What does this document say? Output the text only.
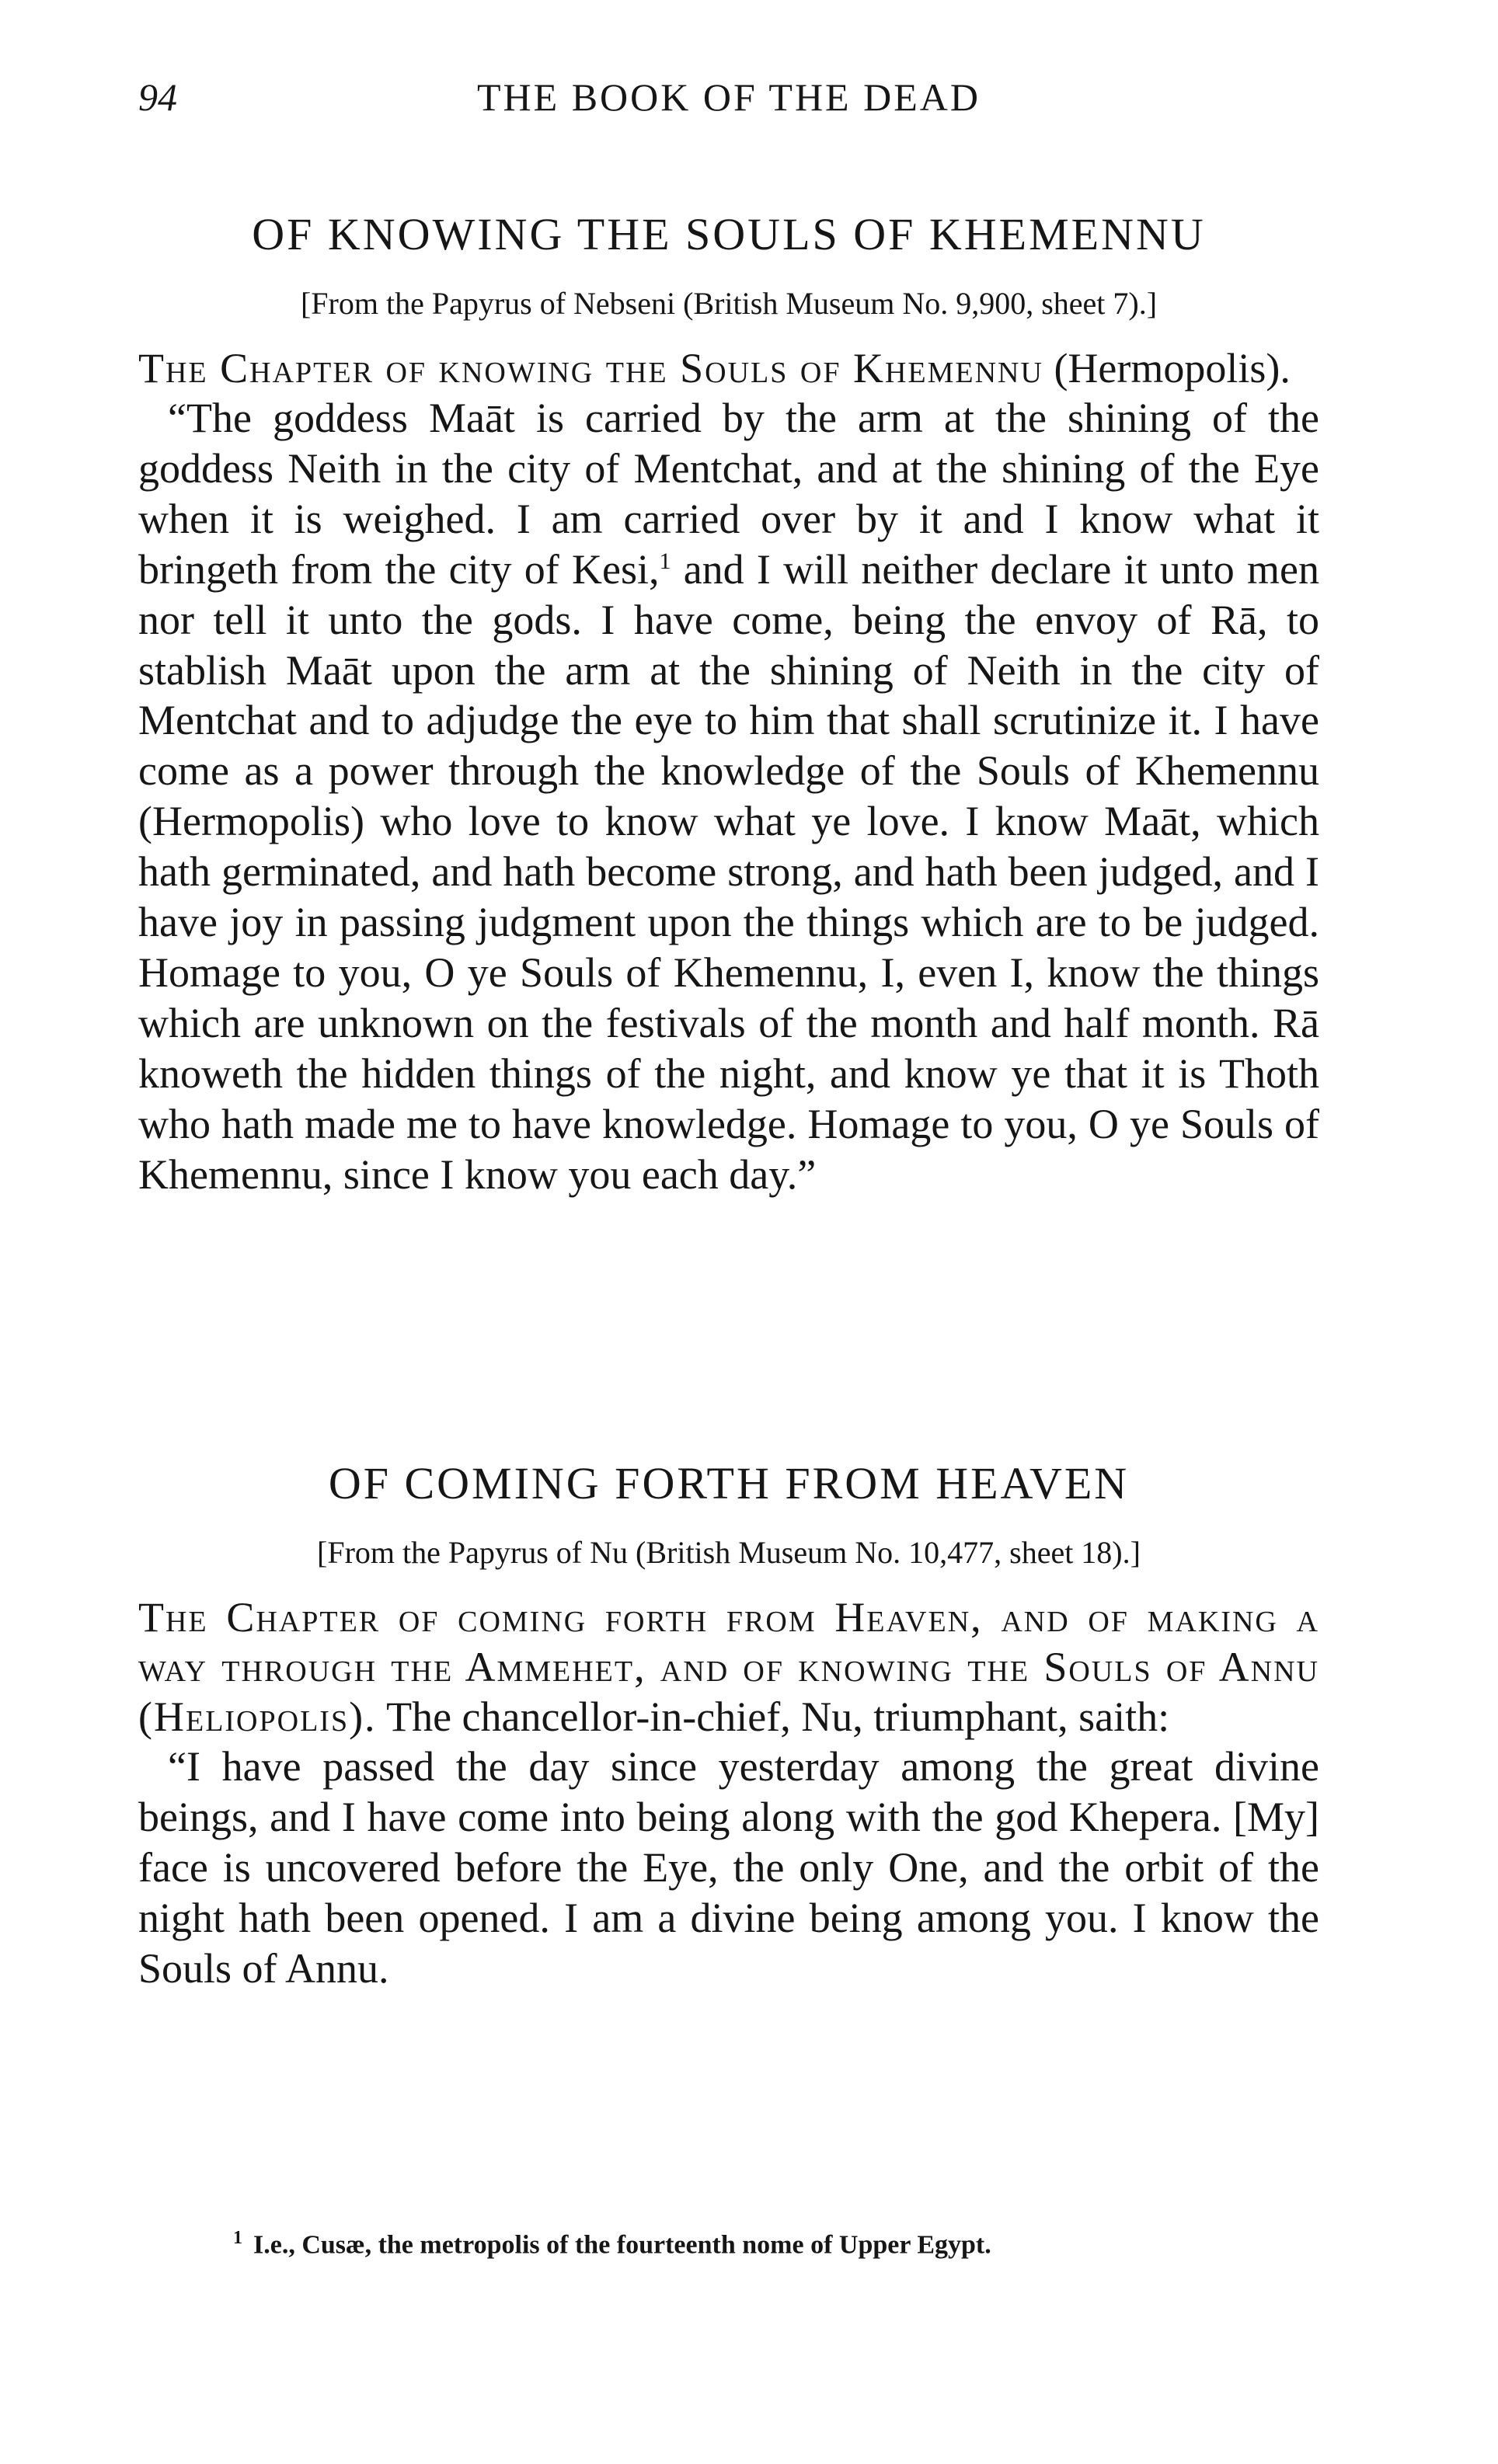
94	THE BOOK OF THE DEAD
OF KNOWING THE SOULS OF KHEMENNU

[From the Papyrus of Nebseni (British Museum No. 9,900, sheet 7).]

The Chapter of knowing the Souls of Khemennu (Hermopolis).

“The goddess Maāt is carried by the arm at the shining of the goddess Neith in the city of Mentchat, and at the shining of the Eye when it is weighed. I am carried over by it and I know what it bringeth from the city of Kesi,$^1$ and I will neither declare it unto men nor tell it unto the gods. I have come, being the envoy of Rā, to stablish Maāt upon the arm at the shining of Neith in the city of Mentchat and to adjudge the eye to him that shall scrutinize it. I have come as a power through the knowledge of the Souls of Khemennu (Hermopolis) who love to know what ye love. I know Maāt, which hath germinated, and hath become strong, and hath been judged, and I have joy in passing judgment upon the things which are to be judged. Homage to you, O ye Souls of Khemennu, I, even I, know the things which are unknown on the festivals of the month and half month. Rā knoweth the hidden things of the night, and know ye that it is Thoth who hath made me to have knowledge. Homage to you, O ye Souls of Khemennu, since I know you each day.”

OF COMING FORTH FROM HEAVEN

[From the Papyrus of Nu (British Museum No. 10,477, sheet 18).]

The Chapter of coming forth from Heaven, and of making a way through the Ammehet, and of knowing the Souls of Annu (Heliopolis). The chancellor-in-chief, Nu, triumphant, saith:

“I have passed the day since yesterday among the great divine beings, and I have come into being along with the god Khepera. [My] face is uncovered before the Eye, the only One, and the orbit of the night hath been opened. I am a divine being among you. I know the Souls of Annu.

$^1$ I.e., Cusæ, the metropolis of the fourteenth nome of Upper Egypt.
